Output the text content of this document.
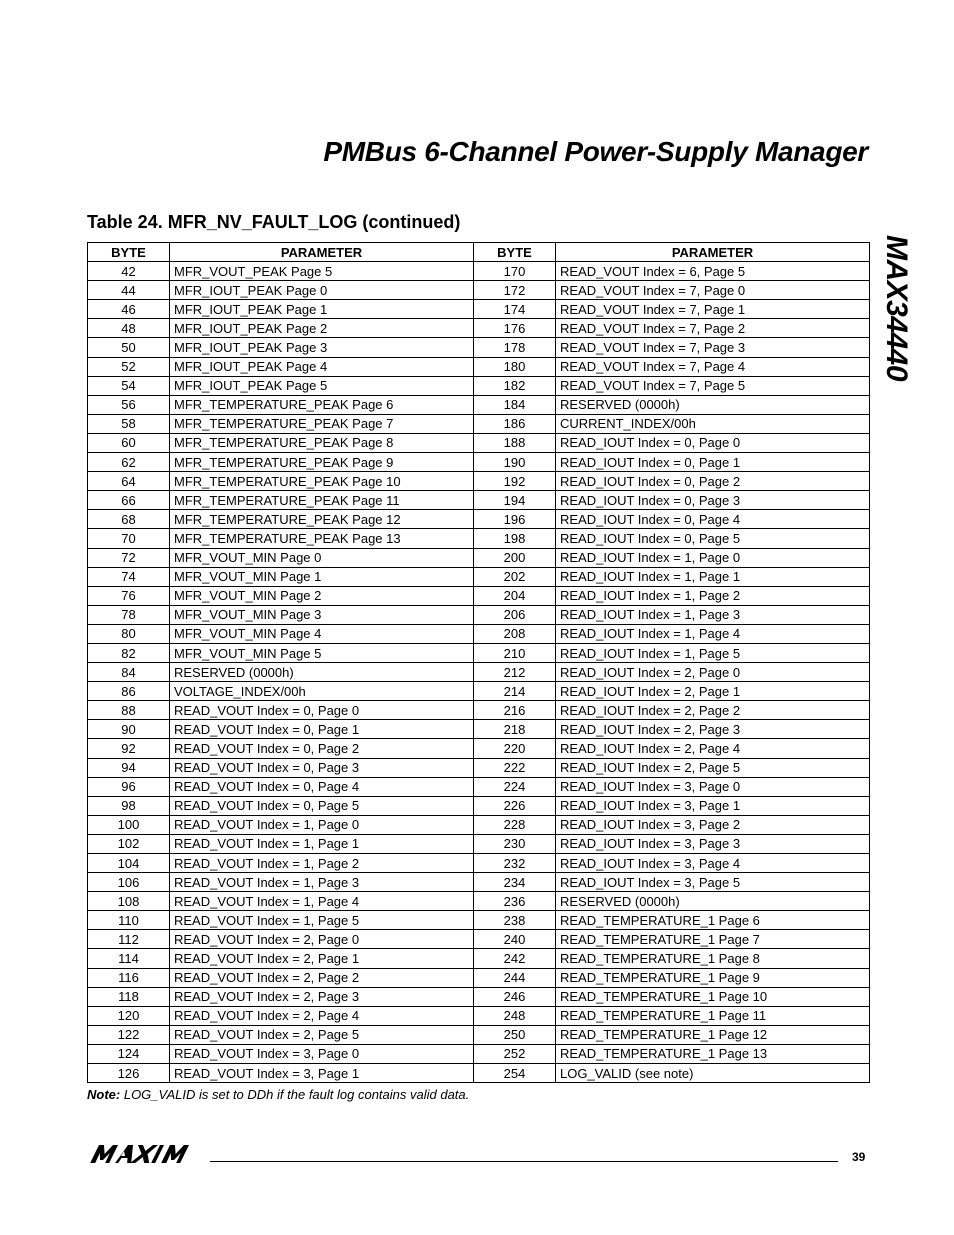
PMBus 6-Channel Power-Supply Manager
MAX34440
Table 24. MFR_NV_FAULT_LOG (continued)
BYTE	PARAMETER	BYTE	PARAMETER
42	MFR_VOUT_PEAK Page 5	170	READ_VOUT Index = 6, Page 5
44	MFR_IOUT_PEAK Page 0	172	READ_VOUT Index = 7, Page 0
46	MFR_IOUT_PEAK Page 1	174	READ_VOUT Index = 7, Page 1
48	MFR_IOUT_PEAK Page 2	176	READ_VOUT Index = 7, Page 2
50	MFR_IOUT_PEAK Page 3	178	READ_VOUT Index = 7, Page 3
52	MFR_IOUT_PEAK Page 4	180	READ_VOUT Index = 7, Page 4
54	MFR_IOUT_PEAK Page 5	182	READ_VOUT Index = 7, Page 5
56	MFR_TEMPERATURE_PEAK Page 6	184	RESERVED (0000h)
58	MFR_TEMPERATURE_PEAK Page 7	186	CURRENT_INDEX/00h
60	MFR_TEMPERATURE_PEAK Page 8	188	READ_IOUT Index = 0, Page 0
62	MFR_TEMPERATURE_PEAK Page 9	190	READ_IOUT Index = 0, Page 1
64	MFR_TEMPERATURE_PEAK Page 10	192	READ_IOUT Index = 0, Page 2
66	MFR_TEMPERATURE_PEAK Page 11	194	READ_IOUT Index = 0, Page 3
68	MFR_TEMPERATURE_PEAK Page 12	196	READ_IOUT Index = 0, Page 4
70	MFR_TEMPERATURE_PEAK Page 13	198	READ_IOUT Index = 0, Page 5
72	MFR_VOUT_MIN Page 0	200	READ_IOUT Index = 1, Page 0
74	MFR_VOUT_MIN Page 1	202	READ_IOUT Index = 1, Page 1
76	MFR_VOUT_MIN Page 2	204	READ_IOUT Index = 1, Page 2
78	MFR_VOUT_MIN Page 3	206	READ_IOUT Index = 1, Page 3
80	MFR_VOUT_MIN Page 4	208	READ_IOUT Index = 1, Page 4
82	MFR_VOUT_MIN Page 5	210	READ_IOUT Index = 1, Page 5
84	RESERVED (0000h)	212	READ_IOUT Index = 2, Page 0
86	VOLTAGE_INDEX/00h	214	READ_IOUT Index = 2, Page 1
88	READ_VOUT Index = 0, Page 0	216	READ_IOUT Index = 2, Page 2
90	READ_VOUT Index = 0, Page 1	218	READ_IOUT Index = 2, Page 3
92	READ_VOUT Index = 0, Page 2	220	READ_IOUT Index = 2, Page 4
94	READ_VOUT Index = 0, Page 3	222	READ_IOUT Index = 2, Page 5
96	READ_VOUT Index = 0, Page 4	224	READ_IOUT Index = 3, Page 0
98	READ_VOUT Index = 0, Page 5	226	READ_IOUT Index = 3, Page 1
100	READ_VOUT Index = 1, Page 0	228	READ_IOUT Index = 3, Page 2
102	READ_VOUT Index = 1, Page 1	230	READ_IOUT Index = 3, Page 3
104	READ_VOUT Index = 1, Page 2	232	READ_IOUT Index = 3, Page 4
106	READ_VOUT Index = 1, Page 3	234	READ_IOUT Index = 3, Page 5
108	READ_VOUT Index = 1, Page 4	236	RESERVED (0000h)
110	READ_VOUT Index = 1, Page 5	238	READ_TEMPERATURE_1 Page 6
112	READ_VOUT Index = 2, Page 0	240	READ_TEMPERATURE_1 Page 7
114	READ_VOUT Index = 2, Page 1	242	READ_TEMPERATURE_1 Page 8
116	READ_VOUT Index = 2, Page 2	244	READ_TEMPERATURE_1 Page 9
118	READ_VOUT Index = 2, Page 3	246	READ_TEMPERATURE_1 Page 10
120	READ_VOUT Index = 2, Page 4	248	READ_TEMPERATURE_1 Page 11
122	READ_VOUT Index = 2, Page 5	250	READ_TEMPERATURE_1 Page 12
124	READ_VOUT Index = 3, Page 0	252	READ_TEMPERATURE_1 Page 13
126	READ_VOUT Index = 3, Page 1	254	LOG_VALID (see note)
Note: LOG_VALID is set to DDh if the fault log contains valid data.
39
